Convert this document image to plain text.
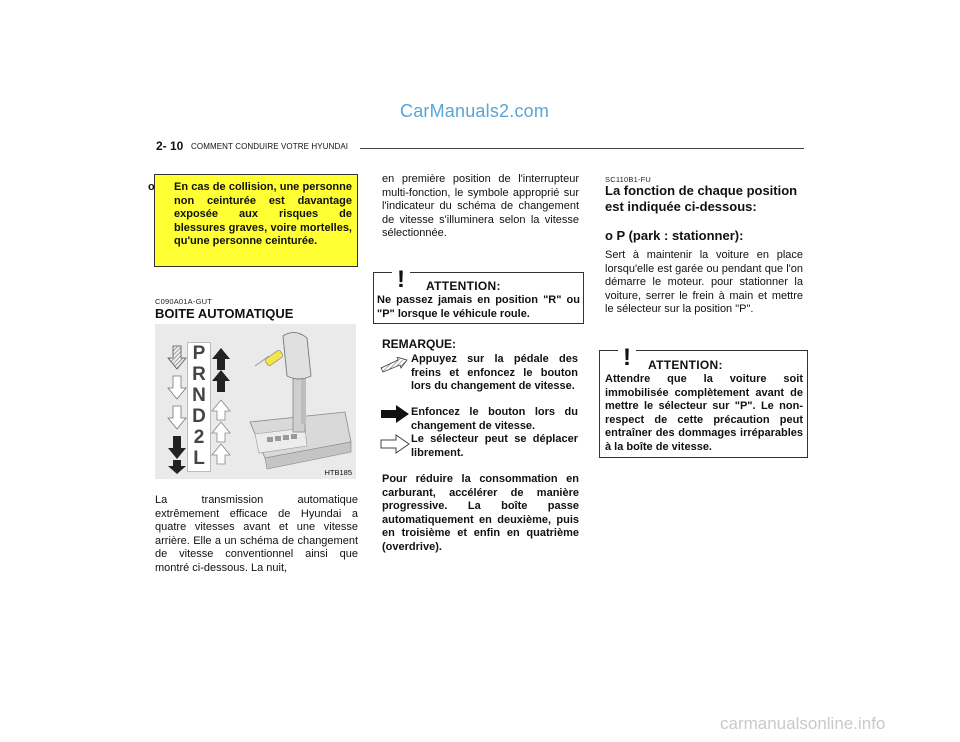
CarManuals2.com
carmanualsonline.info
2- 10 COMMENT CONDUIRE VOTRE HYUNDAI
o En cas de collision, une personne non ceinturée est davantage exposée aux risques de blessures graves, voire mortelles, qu'une personne ceinturée.
C090A01A-GUT
BOITE AUTOMATIQUE
P
R
N
D
2
L
HTB185
La transmission automatique extrêmement efficace de Hyundai a quatre vitesses avant et une vitesse arrière. Elle a un schéma de changement de vitesse conventionnel ainsi que montré ci-dessous. La nuit,
en première position de l'interrupteur multi-fonction, le symbole approprié sur l'indicateur du schéma de changement de vitesse s'illuminera selon la vitesse sélectionnée.
! ATTENTION:
Ne passez jamais en position "R" ou "P" lorsque le véhicule roule.
REMARQUE:
Appuyez sur la pédale des freins et enfoncez le bouton lors du changement de vitesse.
Enfoncez le bouton lors du changement de vitesse.
Le sélecteur peut se déplacer librement.
Pour réduire la consommation en carburant, accélérer de manière progressive. La boîte passe automatiquement en deuxième, puis en troisième et enfin en quatrième (overdrive).
SC110B1-FU
La fonction de chaque position est indiquée ci-dessous:
o P (park : stationner):
Sert à maintenir la voiture en place lorsqu'elle est garée ou pendant que l'on démarre le moteur. pour stationner la voiture, serrer le frein à main et mettre le sélecteur sur la position "P".
! ATTENTION:
Attendre que la voiture soit immobilisée complètement avant de mettre le sélecteur sur "P". Le non-respect de cette précaution peut entraîner des dommages irréparables à la boîte de vitesse.
